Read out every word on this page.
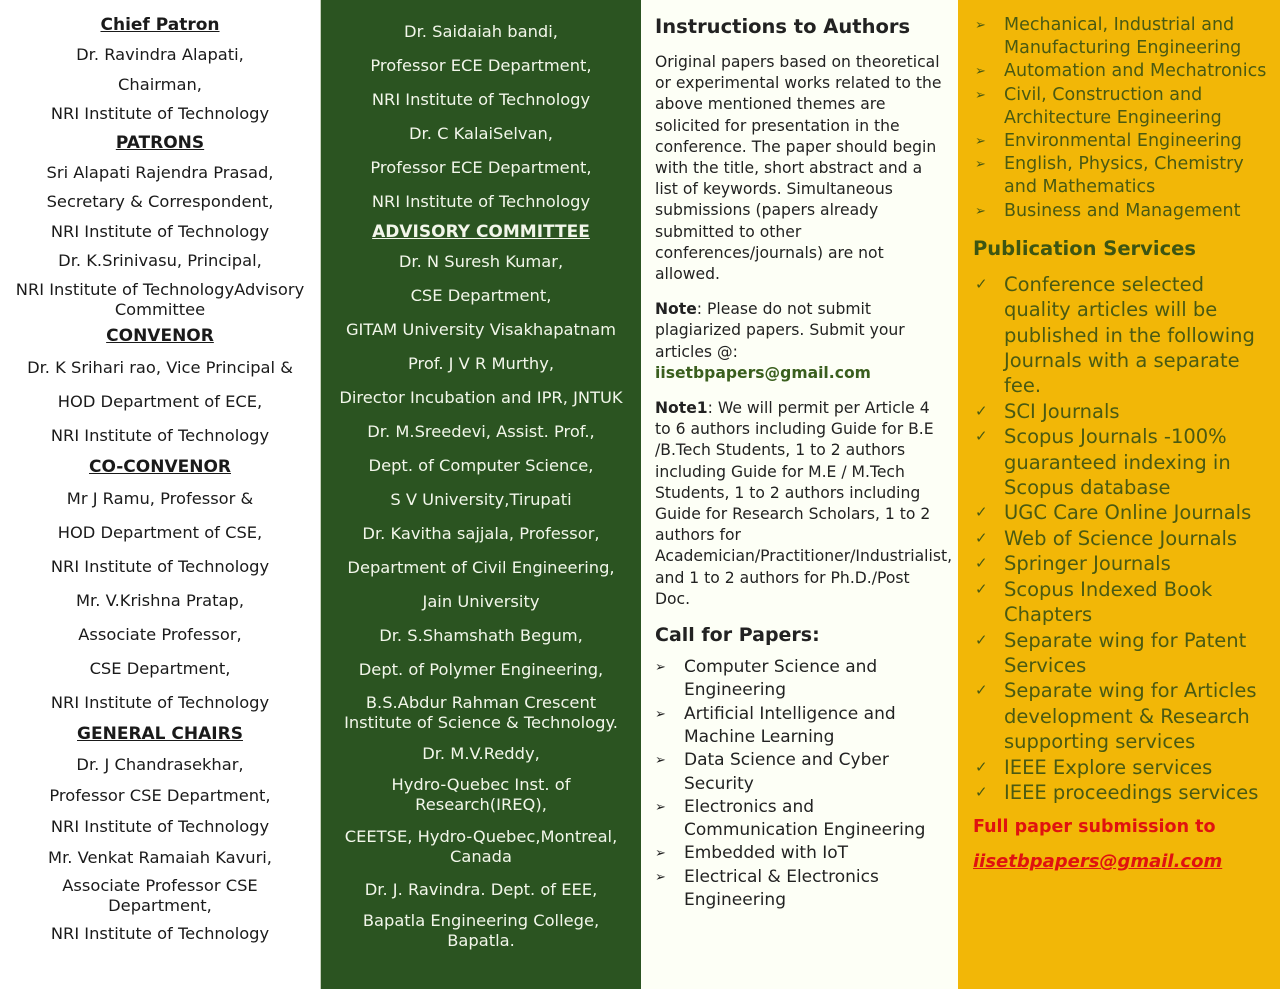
Chief Patron
Dr. Ravindra Alapati,
Chairman,
NRI Institute of Technology
PATRONS
Sri Alapati Rajendra Prasad,
Secretary & Correspondent,
NRI Institute of Technology
Dr. K.Srinivasu, Principal,
NRI Institute of TechnologyAdvisory Committee
CONVENOR
Dr. K Srihari rao, Vice Principal &
HOD Department of ECE,
NRI Institute of Technology
CO-CONVENOR
Mr J Ramu, Professor &
HOD Department of CSE,
NRI Institute of Technology
Mr. V.Krishna Pratap,
Associate Professor,
CSE Department,
NRI Institute of Technology
GENERAL CHAIRS
Dr. J Chandrasekhar,
Professor CSE Department,
NRI Institute of Technology
Mr. Venkat Ramaiah Kavuri,
Associate Professor CSE Department,
NRI Institute of Technology
Dr. Saidaiah bandi,
Professor ECE Department,
NRI Institute of Technology
Dr. C KalaiSelvan,
Professor ECE Department,
NRI Institute of Technology
ADVISORY COMMITTEE
Dr. N Suresh Kumar,
CSE Department,
GITAM University Visakhapatnam
Prof. J V R Murthy,
Director Incubation and IPR, JNTUK
Dr. M.Sreedevi, Assist. Prof.,
Dept. of Computer Science,
S V University,Tirupati
Dr. Kavitha sajjala, Professor,
Department of Civil Engineering,
Jain University
Dr. S.Shamshath Begum,
Dept. of Polymer Engineering,
B.S.Abdur Rahman Crescent Institute of Science & Technology.
Dr. M.V.Reddy,
Hydro-Quebec Inst. of Research(IREQ),
CEETSE, Hydro-Quebec,Montreal, Canada
Dr. J. Ravindra. Dept. of EEE,
Bapatla Engineering College, Bapatla.
Instructions to Authors

Original papers based on theoretical or experimental works related to the above mentioned themes are solicited for presentation in the conference. The paper should begin with the title, short abstract and a list of keywords. Simultaneous submissions (papers already submitted to other conferences/journals) are not allowed.

Note: Please do not submit plagiarized papers. Submit your articles @:
iisetbpapers@gmail.com

Note1: We will permit per Article 4 to 6 authors including Guide for B.E /B.Tech Students, 1 to 2 authors including Guide for M.E / M.Tech Students, 1 to 2 authors including Guide for Research Scholars, 1 to 2 authors for Academician/Practitioner/Industrialist, and 1 to 2 authors for Ph.D./Post Doc.

Call for Papers:
➢ Computer Science and Engineering
➢ Artificial Intelligence and Machine Learning
➢ Data Science and Cyber Security
➢ Electronics and Communication Engineering
➢ Embedded with IoT
➢ Electrical & Electronics Engineering
➢ Mechanical, Industrial and Manufacturing Engineering
➢ Automation and Mechatronics
➢ Civil, Construction and Architecture Engineering
➢ Environmental Engineering
➢ English, Physics, Chemistry and Mathematics
➢ Business and Management
Publication Services
✓ Conference selected quality articles will be published in the following Journals with a separate fee.
✓ SCI Journals
✓ Scopus Journals -100% guaranteed indexing in Scopus database
✓ UGC Care Online Journals
✓ Web of Science Journals
✓ Springer Journals
✓ Scopus Indexed Book Chapters
✓ Separate wing for Patent Services
✓ Separate wing for Articles development & Research supporting services
✓ IEEE Explore services
✓ IEEE proceedings services
Full paper submission to
iisetbpapers@gmail.com
